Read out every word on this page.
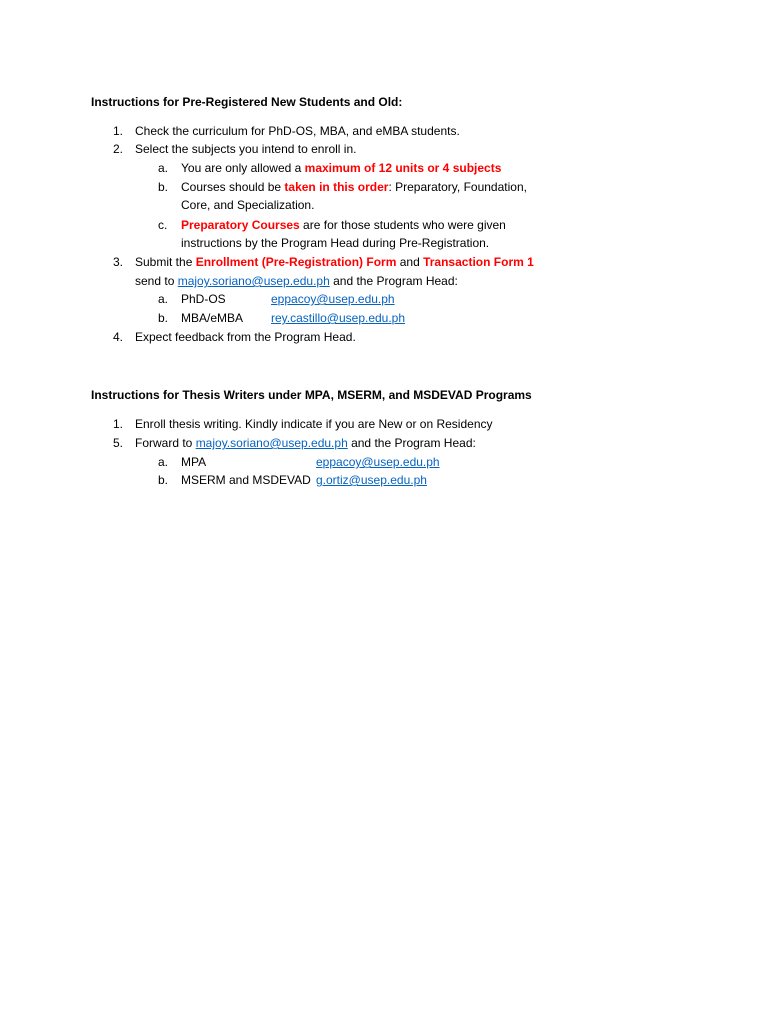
Instructions for Pre-Registered New Students and Old:
1. Check the curriculum for PhD-OS, MBA, and eMBA students.
2. Select the subjects you intend to enroll in.
a. You are only allowed a maximum of 12 units or 4 subjects
b. Courses should be taken in this order: Preparatory, Foundation,
Core, and Specialization.
c. Preparatory Courses are for those students who were given
instructions by the Program Head during Pre-Registration.
3. Submit the Enrollment (Pre-Registration) Form and Transaction Form 1
send to majoy.soriano@usep.edu.ph and the Program Head:
a. PhD-OS	eppacoy@usep.edu.ph
b. MBA/eMBA rey.castillo@usep.edu.ph
4. Expect feedback from the Program Head.
Instructions for Thesis Writers under MPA, MSERM, and MSDEVAD Programs
1. Enroll thesis writing. Kindly indicate if you are New or on Residency
5. Forward to majoy.soriano@usep.edu.ph and the Program Head:
a. MPA	eppacoy@usep.edu.ph
b. MSERM and MSDEVAD g.ortiz@usep.edu.ph
